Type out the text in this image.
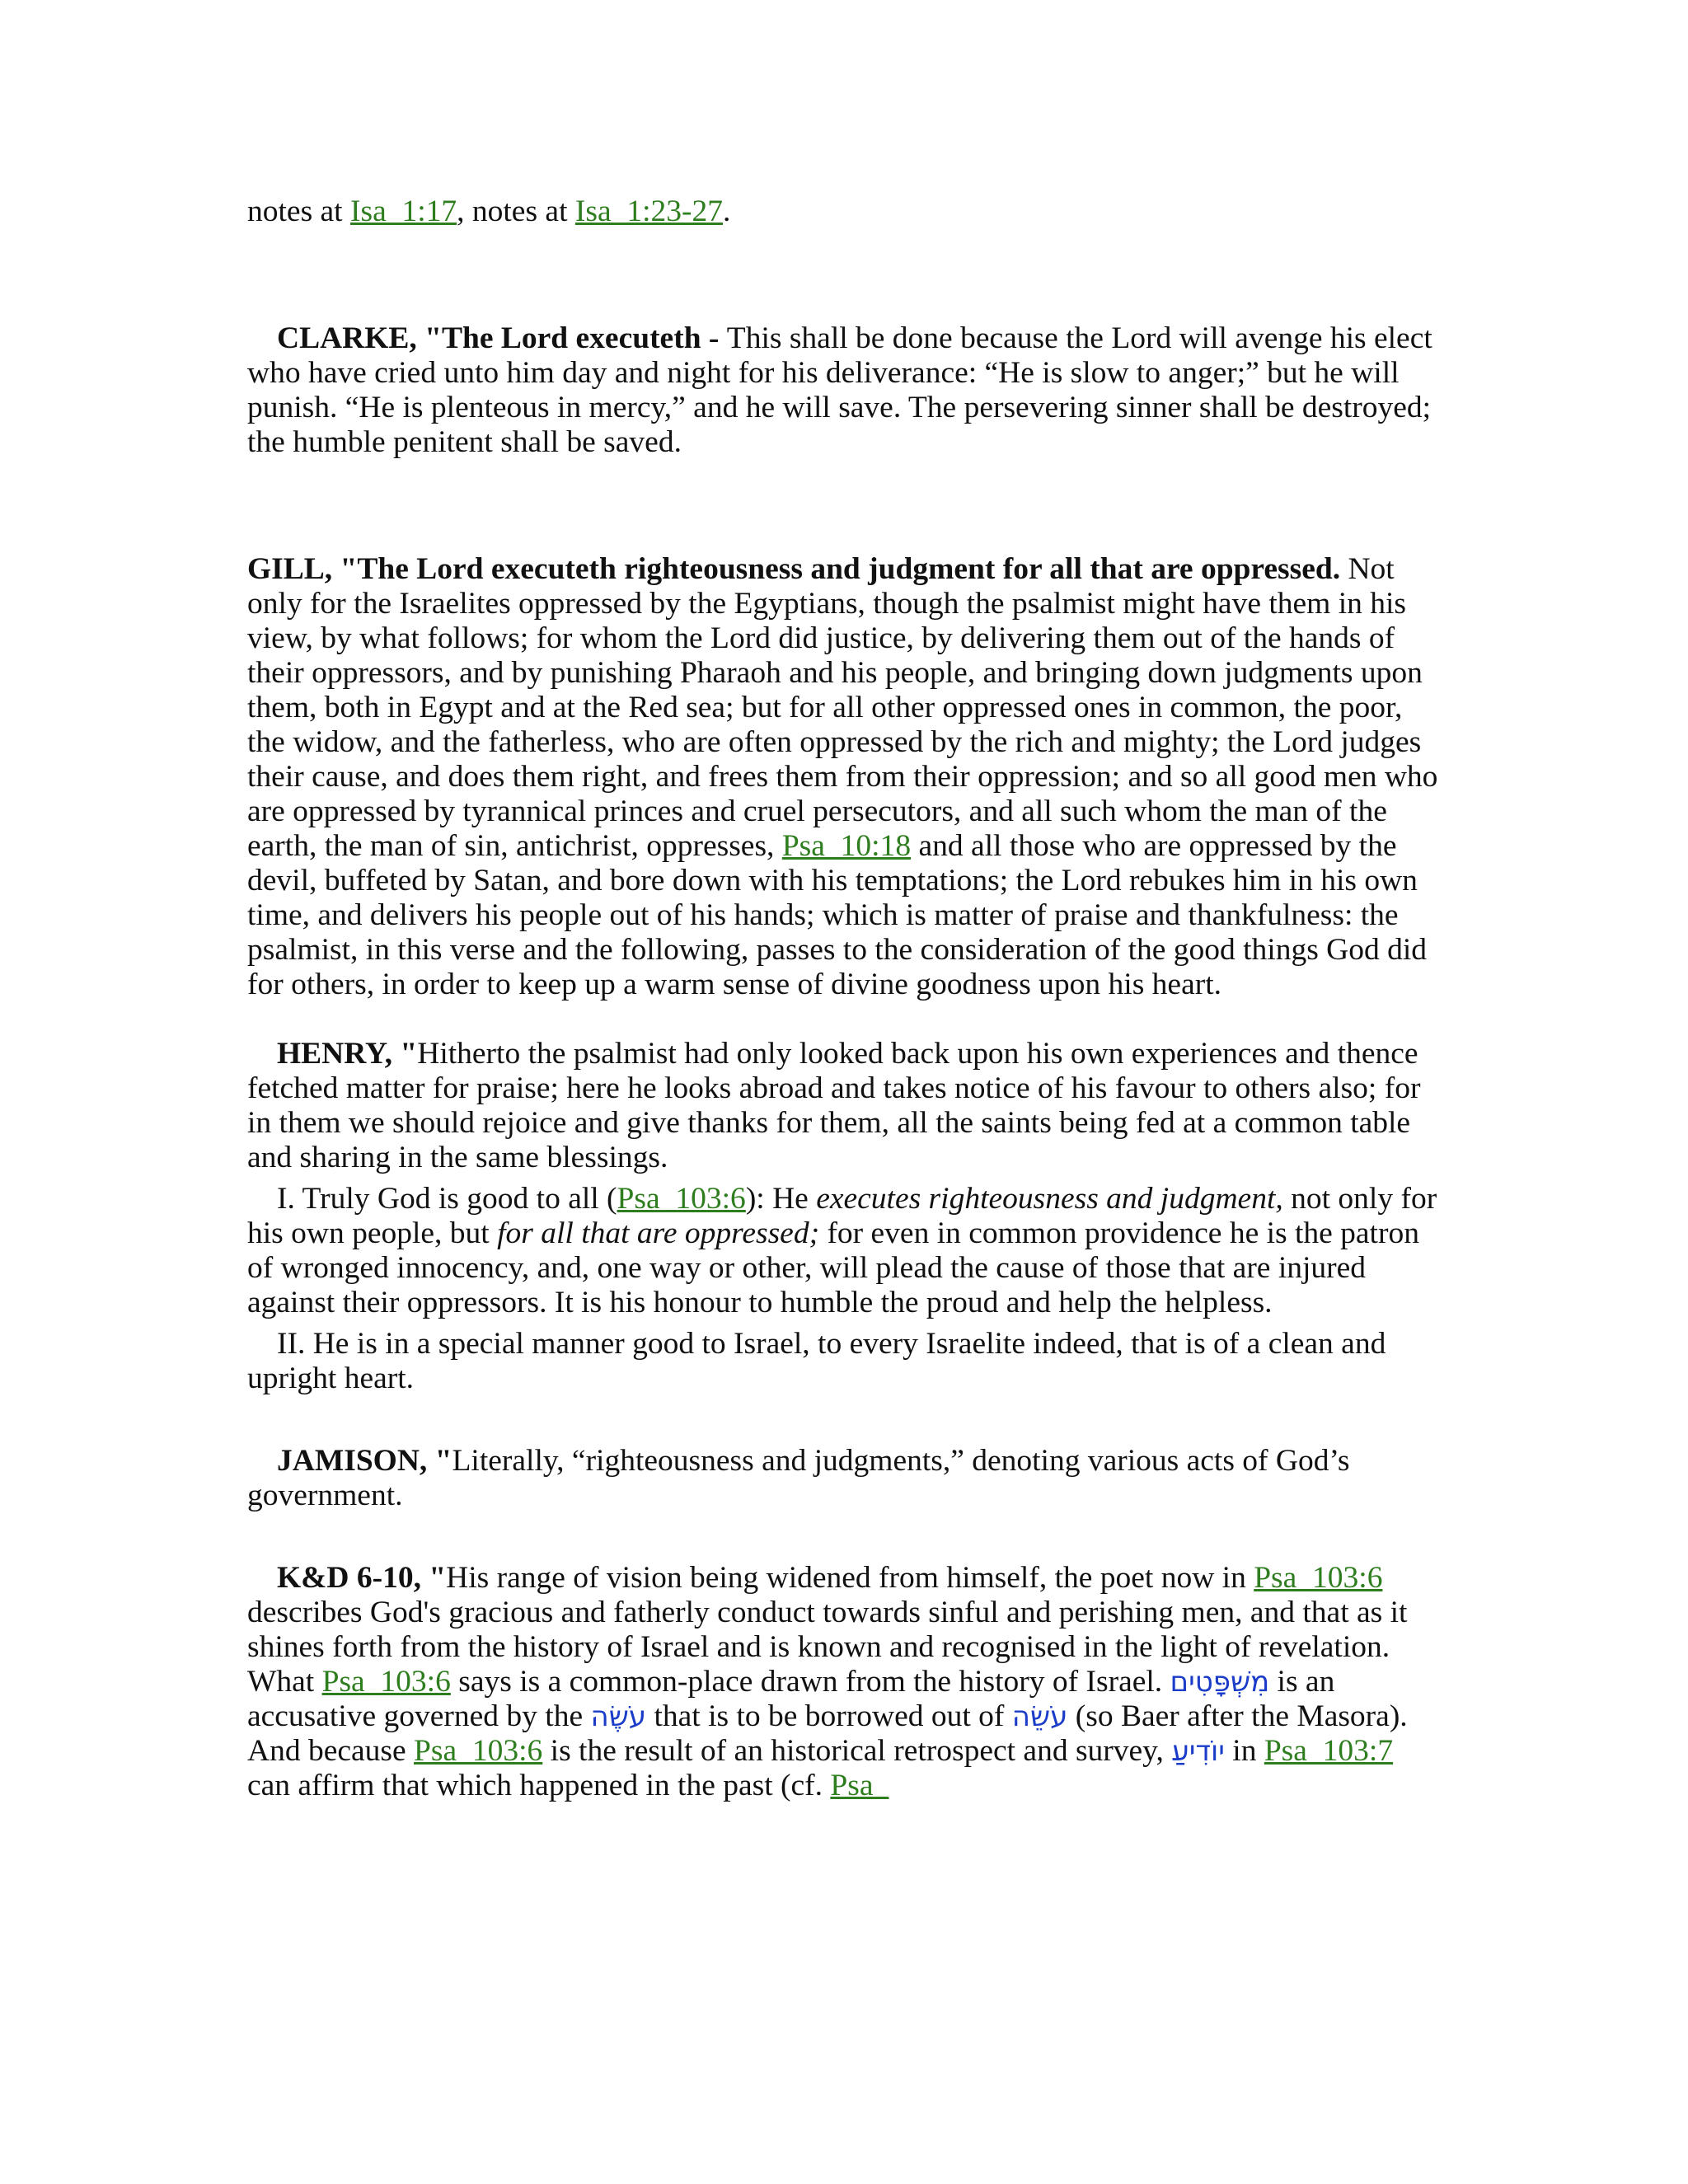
notes at Isa_1:17, notes at Isa_1:23-27.

CLARKE, "The Lord executeth - This shall be done because the Lord will avenge his elect who have cried unto him day and night for his deliverance: “He is slow to anger;” but he will punish. “He is plenteous in mercy,” and he will save. The persevering sinner shall be destroyed; the humble penitent shall be saved.

GILL, "The Lord executeth righteousness and judgment for all that are oppressed. Not only for the Israelites oppressed by the Egyptians, though the psalmist might have them in his view, by what follows; for whom the Lord did justice, by delivering them out of the hands of their oppressors, and by punishing Pharaoh and his people, and bringing down judgments upon them, both in Egypt and at the Red sea; but for all other oppressed ones in common, the poor, the widow, and the fatherless, who are often oppressed by the rich and mighty; the Lord judges their cause, and does them right, and frees them from their oppression; and so all good men who are oppressed by tyrannical princes and cruel persecutors, and all such whom the man of the earth, the man of sin, antichrist, oppresses, Psa_10:18 and all those who are oppressed by the devil, buffeted by Satan, and bore down with his temptations; the Lord rebukes him in his own time, and delivers his people out of his hands; which is matter of praise and thankfulness: the psalmist, in this verse and the following, passes to the consideration of the good things God did for others, in order to keep up a warm sense of divine goodness upon his heart.

HENRY, "Hitherto the psalmist had only looked back upon his own experiences and thence fetched matter for praise; here he looks abroad and takes notice of his favour to others also; for in them we should rejoice and give thanks for them, all the saints being fed at a common table and sharing in the same blessings.

I. Truly God is good to all (Psa_103:6): He executes righteousness and judgment, not only for his own people, but for all that are oppressed; for even in common providence he is the patron of wronged innocency, and, one way or other, will plead the cause of those that are injured against their oppressors. It is his honour to humble the proud and help the helpless.

II. He is in a special manner good to Israel, to every Israelite indeed, that is of a clean and upright heart.

JAMISON, "Literally, “righteousness and judgments,” denoting various acts of God’s government.

K&D 6-10, "His range of vision being widened from himself, the poet now in Psa_103:6 describes God's gracious and fatherly conduct towards sinful and perishing men, and that as it shines forth from the history of Israel and is known and recognised in the light of revelation. What Psa_103:6 says is a common-place drawn from the history of Israel. מִשְׁפָּטִים is an accusative governed by the עֹשֶׂה that is to be borrowed out of עֹשֵׂה (so Baer after the Masora). And because Psa_103:6 is the result of an historical retrospect and survey, יוֹדִיעַ in Psa_103:7 can affirm that which happened in the past (cf. Psa_
